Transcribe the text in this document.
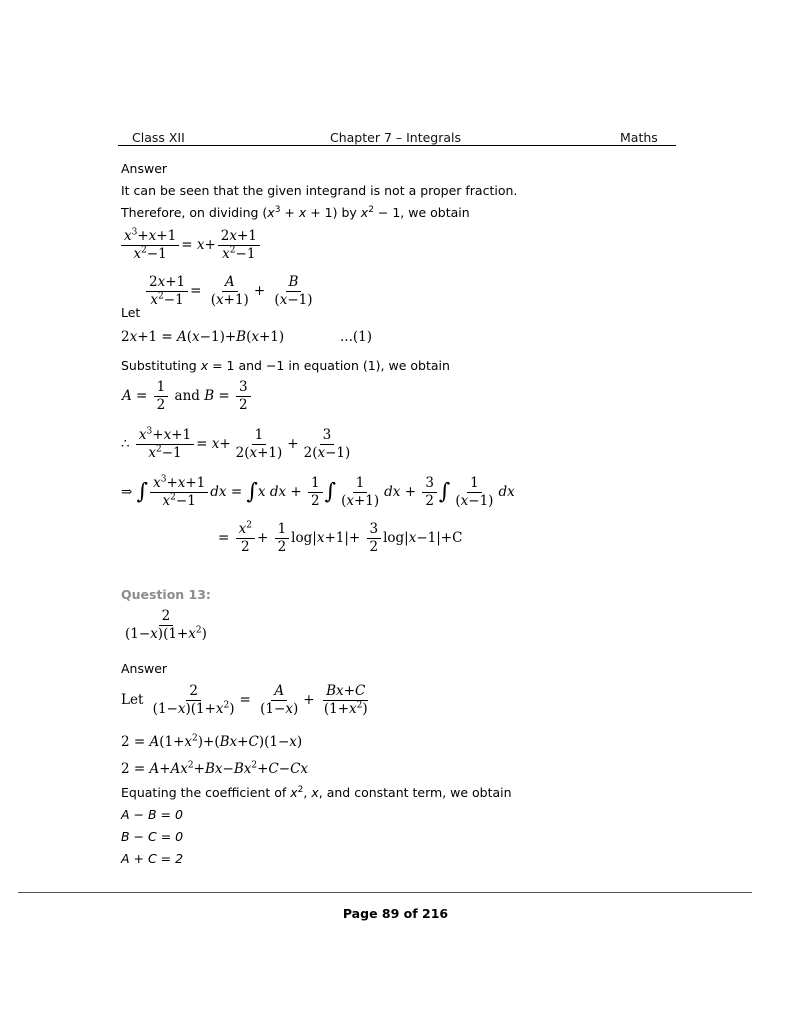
Class XII	Chapter 7 – Integrals	Maths
Answer
It can be seen that the given integrand is not a proper fraction.
Therefore, on dividing $(x^3 + x + 1)$ by $x^2 - 1$, we obtain
$\frac{x^3+x+1}{x^2-1} = x+ \frac{2x+1}{x^2-1}$
$\frac{2x+1}{x^2-1} = \frac{A}{(x+1)} + \frac{B}{(x-1)}$
Let
2x+1 = A(x−1)+B(x+1)	...(1)
Substituting x = 1 and −1 in equation (1), we obtain
$A = \frac{1}{2}$ and $B = \frac{3}{2}$
∴ $\frac{x^3+x+1}{x^2-1} = x+ \frac{1}{2(x+1)} + \frac{3}{2(x-1)}$
⇒ ∫ $\frac{x^3+x+1}{x^2-1}$ dx = ∫x dx + $\frac{1}{2}$ ∫ $\frac{1}{(x+1)}$ dx + $\frac{3}{2}$ ∫ $\frac{1}{(x-1)}$ dx
= $\frac{x^2}{2} + \frac{1}{2} \log|x+1|+ \frac{3}{2} \log|x-1|+C$
Question 13:
$\frac{2}{(1-x)(1+x^2)}$
Answer
Let $\frac{2}{(1-x)(1+x^2)} = \frac{A}{(1-x)} + \frac{Bx+C}{(1+x^2)}$
$2 = A(1+x^2)+(Bx+C)(1-x)$
$2 = A+Ax^2+Bx-Bx^2+C-Cx$
Equating the coefficient of $x^2$, x, and constant term, we obtain
A − B = 0
B − C = 0
A + C = 2
Page 89 of 216
